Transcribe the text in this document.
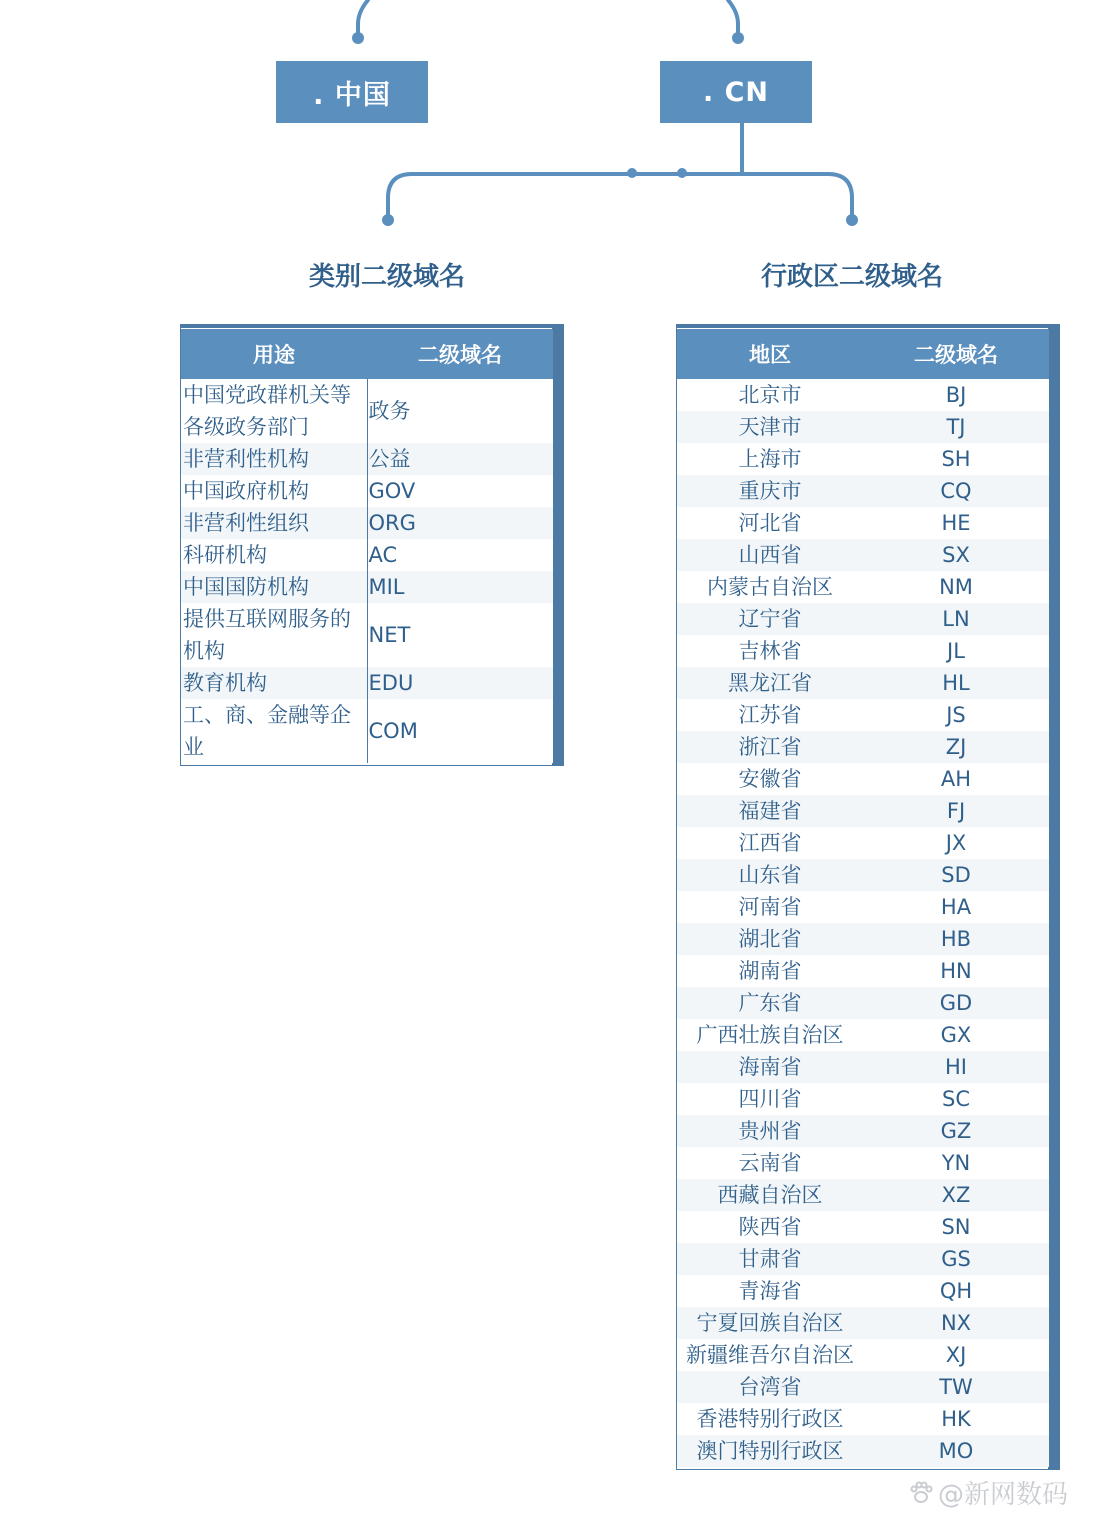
. 中国	. CN
类别二级域名	行政区二级域名
用途	二级域名
中国党政群机关等各级政务部门	政务
非营利性机构	公益
中国政府机构	GOV
非营利性组织	ORG
科研机构	AC
中国国防机构	MIL
提供互联网服务的机构	NET
教育机构	EDU
工、商、金融等企业	COM
地区	二级域名
北京市	BJ
天津市	TJ
上海市	SH
重庆市	CQ
河北省	HE
山西省	SX
内蒙古自治区	NM
辽宁省	LN
吉林省	JL
黑龙江省	HL
江苏省	JS
浙江省	ZJ
安徽省	AH
福建省	FJ
江西省	JX
山东省	SD
河南省	HA
湖北省	HB
湖南省	HN
广东省	GD
广西壮族自治区	GX
海南省	HI
四川省	SC
贵州省	GZ
云南省	YN
西藏自治区	XZ
陕西省	SN
甘肃省	GS
青海省	QH
宁夏回族自治区	NX
新疆维吾尔自治区	XJ
台湾省	TW
香港特别行政区	HK
澳门特别行政区	MO
@新网数码
